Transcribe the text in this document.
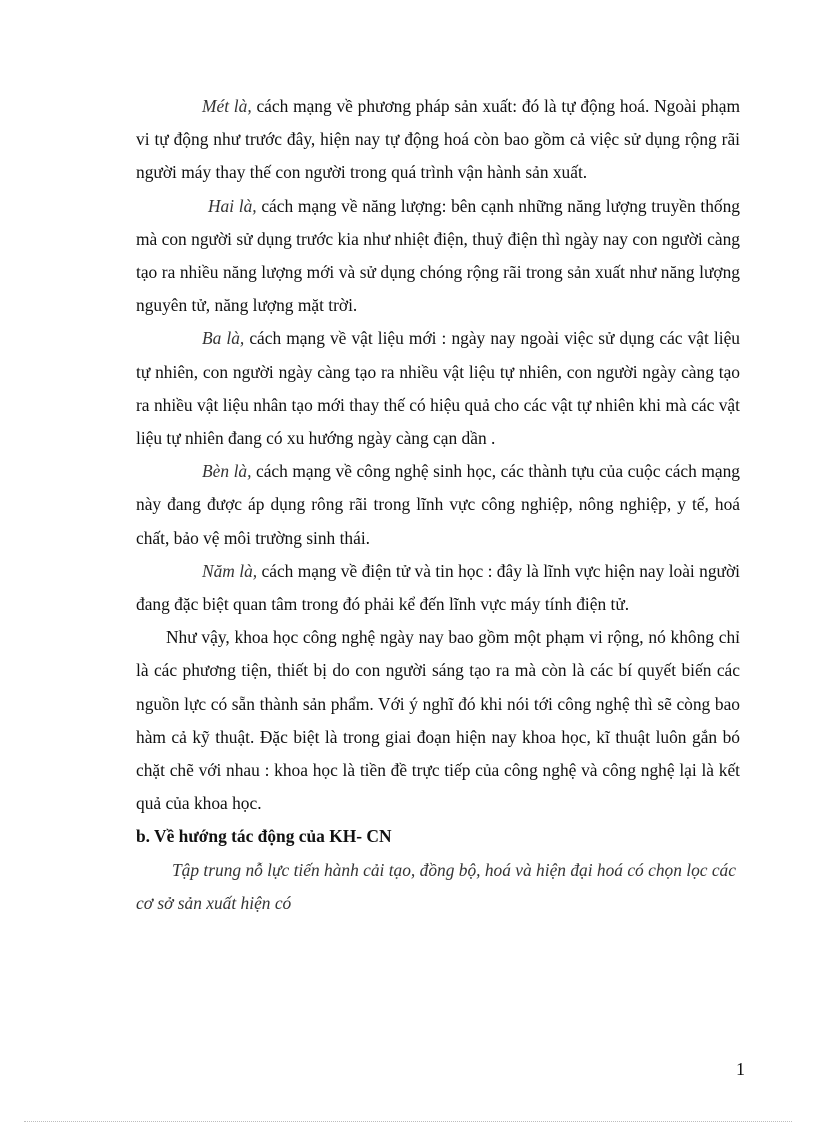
Mét là, cách mạng về phương pháp sản xuất: đó là tự động hoá. Ngoài phạm vi tự động như trước đây, hiện nay tự động hoá còn bao gồm cả việc sử dụng rộng rãi người máy thay thế con người trong quá trình vận hành sản xuất.

Hai là, cách mạng về năng lượng: bên cạnh những năng lượng truyền thống mà con người sử dụng trước kia như nhiệt điện, thuỷ điện thì ngày nay con người càng tạo ra nhiều năng lượng mới và sử dụng chóng rộng rãi trong sản xuất như năng lượng nguyên tử, năng lượng mặt trời.

Ba là, cách mạng về vật liệu mới : ngày nay ngoài việc sử dụng các vật liệu tự nhiên, con người ngày càng tạo ra nhiều vật liệu tự nhiên, con người ngày càng tạo ra nhiều vật liệu nhân tạo mới thay thế có hiệu quả cho các vật tự nhiên khi mà các vật liệu tự nhiên đang có xu hướng ngày càng cạn dần .

Bèn là, cách mạng về công nghệ sinh học, các thành tựu của cuộc cách mạng này đang được áp dụng rông rãi trong lĩnh vực công nghiệp, nông nghiệp, y tế, hoá chất, bảo vệ môi trường sinh thái.

Năm là, cách mạng về điện tử và tin học : đây là lĩnh vực hiện nay loài người đang đặc biệt quan tâm trong đó phải kể đến lĩnh vực máy tính điện tử.

Như vậy, khoa học công nghệ ngày nay bao gồm một phạm vi rộng, nó không chỉ là các phương tiện, thiết bị do con người sáng tạo ra mà còn là các bí quyết biến các nguồn lực có sẵn thành sản phẩm. Với ý nghĩ đó khi nói tới công nghệ thì sẽ còng bao hàm cả kỹ thuật. Đặc biệt là trong giai đoạn hiện nay khoa học, kĩ thuật luôn gắn bó chặt chẽ với nhau : khoa học là tiền đề trực tiếp của công nghệ và công nghệ lại là kết quả của khoa học.

b. Về hướng tác động của KH- CN

Tập trung nỗ lực tiến hành cải tạo, đồng bộ, hoá và hiện đại hoá có chọn lọc các cơ sở sản xuất hiện có

1
